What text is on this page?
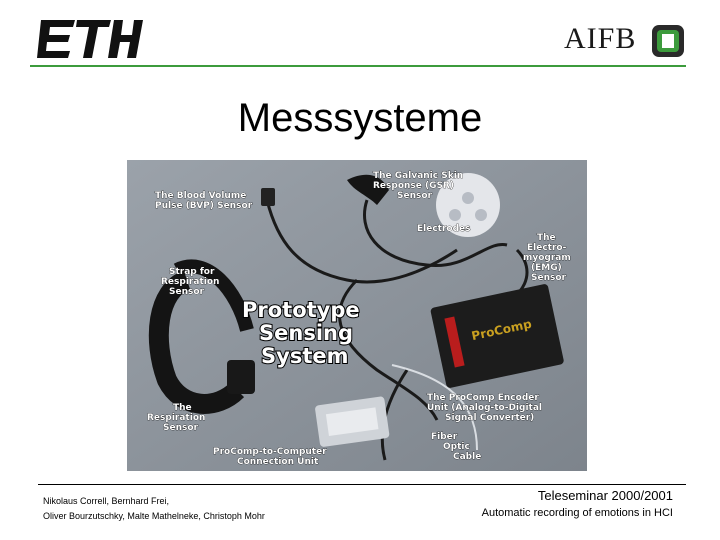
AIFB
Messsysteme
ProComp
The Blood Volume
Pulse (BVP) Sensor
The Galvanic Skin
Response (GSR)
Sensor
Electrodes
The
Electro-
myogram
(EMG)
Sensor
Strap for
Respiration
Sensor
Prototype
Sensing
System
The
Respiration
Sensor
The ProComp Encoder
Unit (Analog-to-Digital
Signal Converter)
Fiber
Optic
Cable
ProComp-to-Computer
Connection Unit
Nikolaus Correll, Bernhard Frei,
Oliver Bourzutschky, Malte Mathelneke, Christoph Mohr
Teleseminar 2000/2001
Automatic recording of emotions in HCI
